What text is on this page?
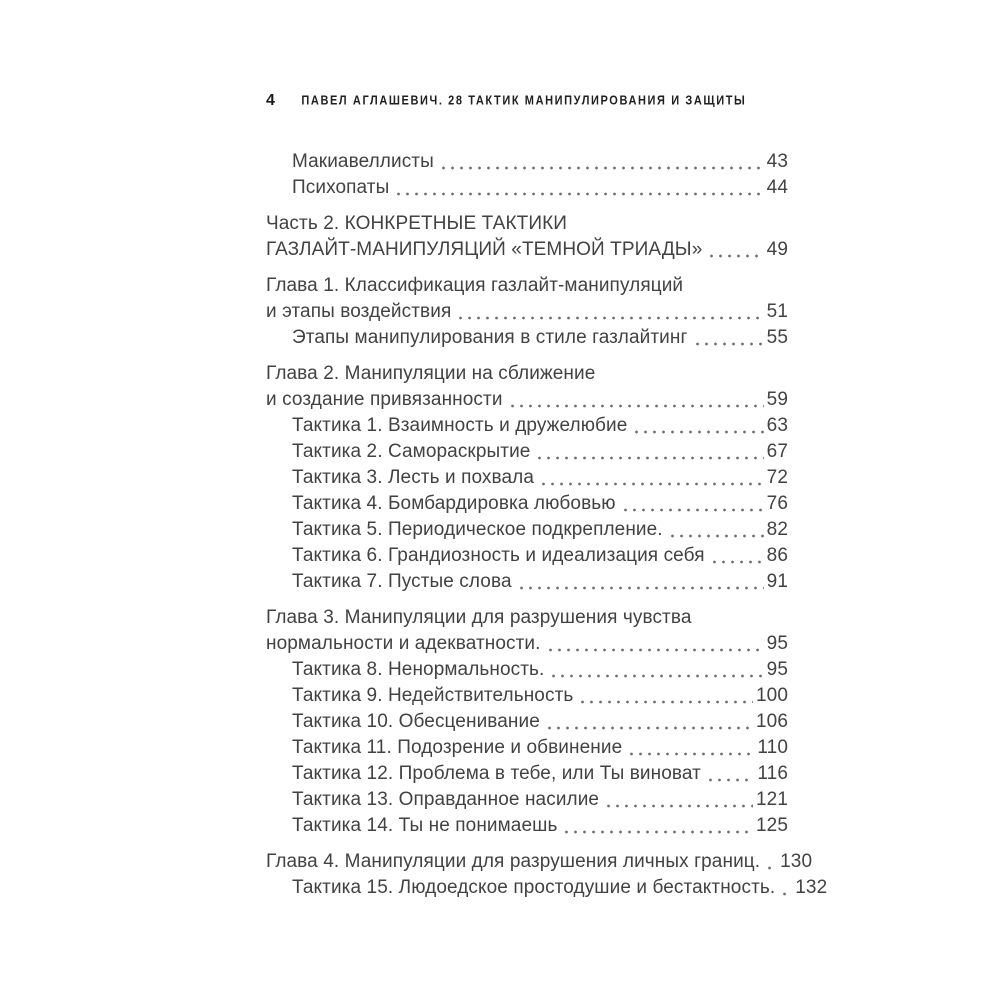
4 ПАВЕЛ АГЛАШЕВИЧ. 28 ТАКТИК МАНИПУЛИРОВАНИЯ И ЗАЩИТЫ
Макиавеллисты	43
Психопаты	44
Часть 2. КОНКРЕТНЫЕ ТАКТИКИ
ГАЗЛАЙТ-МАНИПУЛЯЦИЙ «ТЕМНОЙ ТРИАДЫ»	49
Глава 1. Классификация газлайт-манипуляций
и этапы воздействия	51
Этапы манипулирования в стиле газлайтинг	55
Глава 2. Манипуляции на сближение
и создание привязанности	59
Тактика 1. Взаимность и дружелюбие	63
Тактика 2. Самораскрытие	67
Тактика 3. Лесть и похвала	72
Тактика 4. Бомбардировка любовью	76
Тактика 5. Периодическое подкрепление.	82
Тактика 6. Грандиозность и идеализация себя	86
Тактика 7. Пустые слова	91
Глава 3. Манипуляции для разрушения чувства
нормальности и адекватности.	95
Тактика 8. Ненормальность.	95
Тактика 9. Недействительность	100
Тактика 10. Обесценивание	106
Тактика 11. Подозрение и обвинение	110
Тактика 12. Проблема в тебе, или Ты виноват	116
Тактика 13. Оправданное насилие	121
Тактика 14. Ты не понимаешь	125
Глава 4. Манипуляции для разрушения личных границ. 130
Тактика 15. Людоедское простодушие и бестактность. 132
